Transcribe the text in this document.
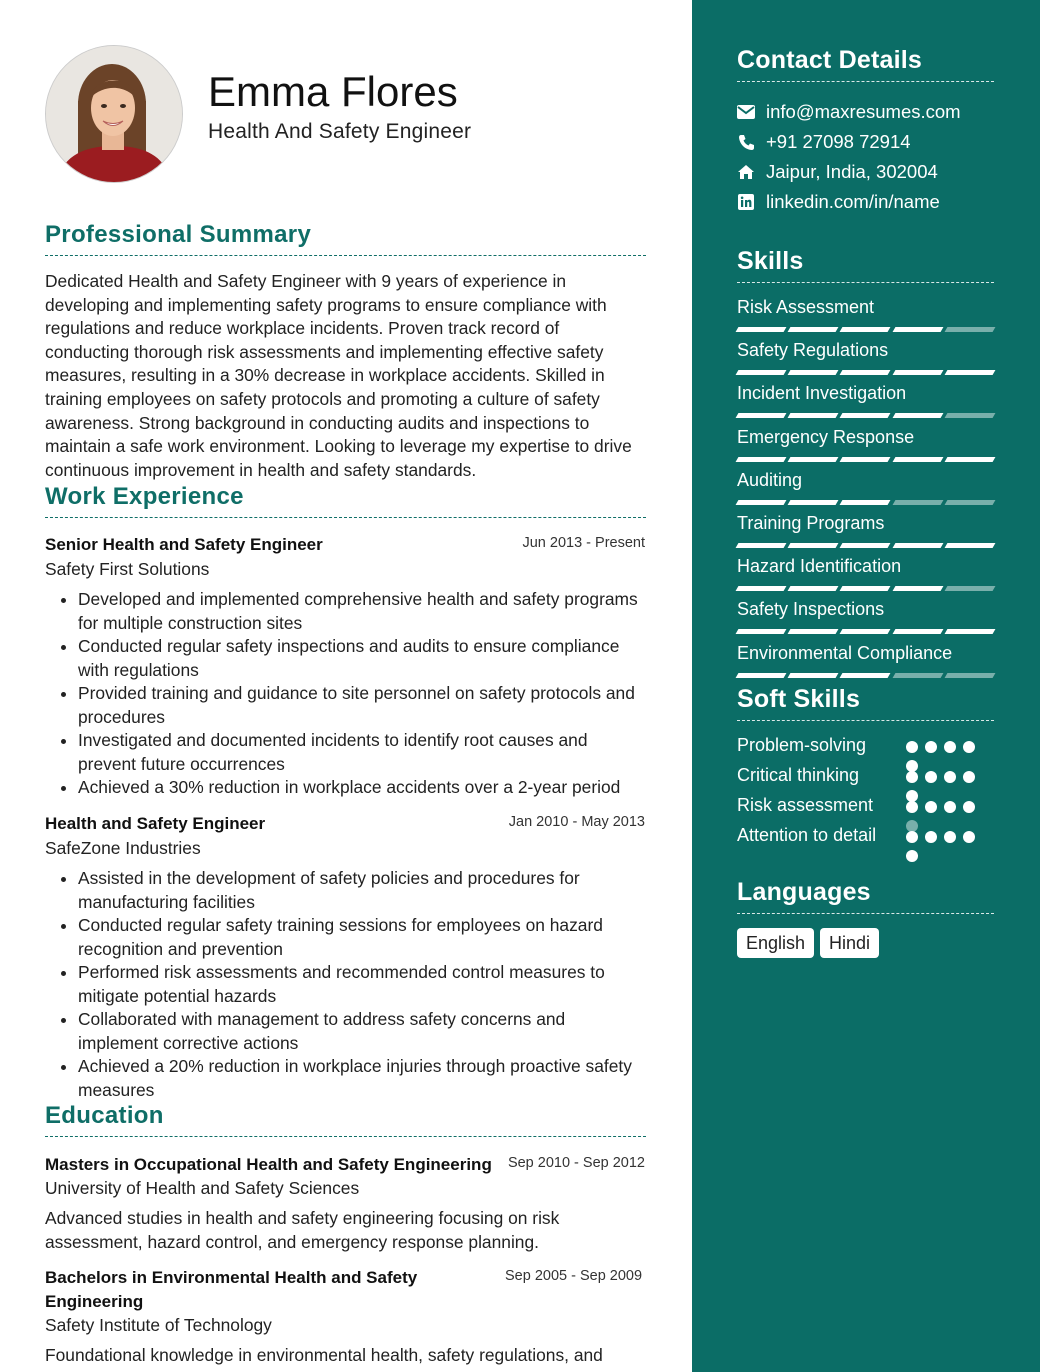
Emma Flores
Health And Safety Engineer
Professional Summary
Dedicated Health and Safety Engineer with 9 years of experience in developing and implementing safety programs to ensure compliance with regulations and reduce workplace incidents. Proven track record of conducting thorough risk assessments and implementing effective safety measures, resulting in a 30% decrease in workplace accidents. Skilled in training employees on safety protocols and promoting a culture of safety awareness. Strong background in conducting audits and inspections to maintain a safe work environment. Looking to leverage my expertise to drive continuous improvement in health and safety standards.
Work Experience
Senior Health and Safety Engineer	Jun 2013 - Present
Safety First Solutions
• Developed and implemented comprehensive health and safety programs for multiple construction sites
• Conducted regular safety inspections and audits to ensure compliance with regulations
• Provided training and guidance to site personnel on safety protocols and procedures
• Investigated and documented incidents to identify root causes and prevent future occurrences
• Achieved a 30% reduction in workplace accidents over a 2-year period
Health and Safety Engineer	Jan 2010 - May 2013
SafeZone Industries
• Assisted in the development of safety policies and procedures for manufacturing facilities
• Conducted regular safety training sessions for employees on hazard recognition and prevention
• Performed risk assessments and recommended control measures to mitigate potential hazards
• Collaborated with management to address safety concerns and implement corrective actions
• Achieved a 20% reduction in workplace injuries through proactive safety measures
Education
Masters in Occupational Health and Safety Engineering	Sep 2010 - Sep 2012
University of Health and Safety Sciences
Advanced studies in health and safety engineering focusing on risk assessment, hazard control, and emergency response planning.
Bachelors in Environmental Health and Safety Engineering
Sep 2005 - Sep 2009
Safety Institute of Technology
Foundational knowledge in environmental health, safety regulations, and
Contact Details
info@maxresumes.com
+91 27098 72914
Jaipur, India, 302004
linkedin.com/in/name
Skills
Risk Assessment
Safety Regulations
Incident Investigation
Emergency Response
Auditing
Training Programs
Hazard Identification
Safety Inspections
Environmental Compliance
Soft Skills
Problem-solving
Critical thinking
Risk assessment
Attention to detail
Languages
English	Hindi
